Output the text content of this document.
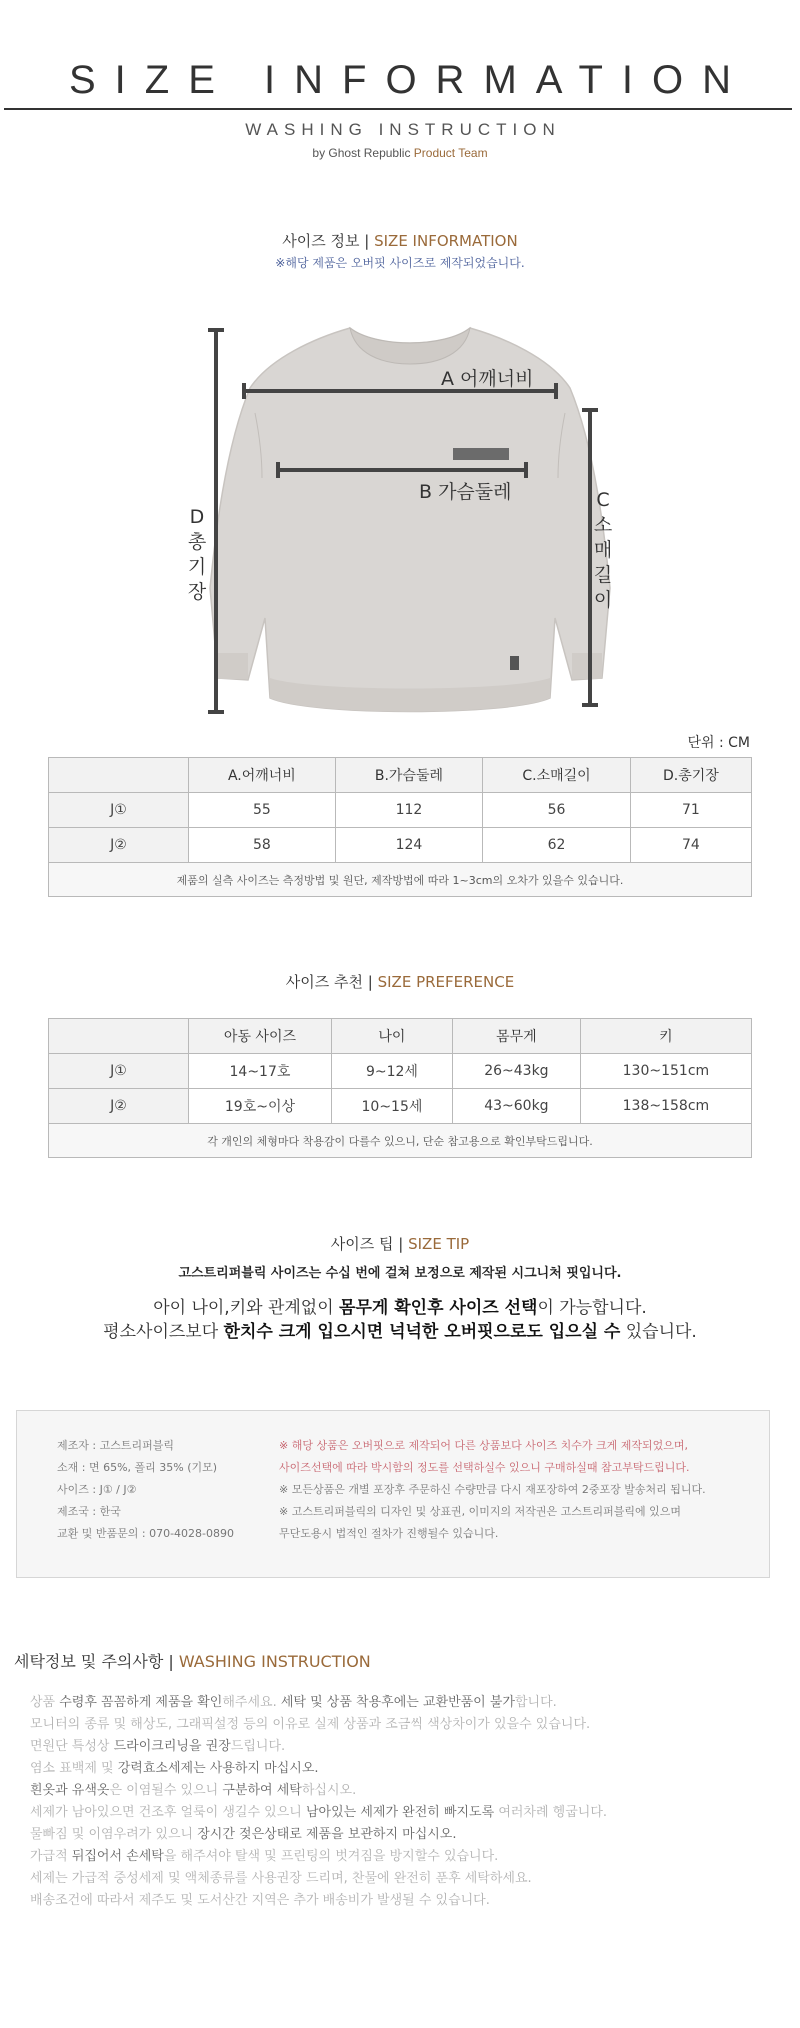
SIZE INFORMATION
WASHING INSTRUCTION
by Ghost Republic Product Team
사이즈 정보 | SIZE INFORMATION
※해당 제품은 오버핏 사이즈로 제작되었습니다.
A 어깨너비
B 가슴둘레
D
총
기
장
C
소
매
길
이
단위 : CM
	A.어깨너비	B.가슴둘레	C.소매길이	D.총기장
J①	55	112	56	71
J②	58	124	62	74
제품의 실측 사이즈는 측정방법 및 원단, 제작방법에 따라 1~3cm의 오차가 있을수 있습니다.				
사이즈 추천 | SIZE PREFERENCE
	아동 사이즈	나이	몸무게	키
J①	14~17호	9~12세	26~43kg	130~151cm
J②	19호~이상	10~15세	43~60kg	138~158cm
각 개인의 체형마다 착용감이 다를수 있으니, 단순 참고용으로 확인부탁드립니다.				
사이즈 팁 | SIZE TIP
고스트리퍼블릭 사이즈는 수십 번에 걸쳐 보정으로 제작된 시그니처 핏입니다.
아이 나이,키와 관계없이 몸무게 확인후 사이즈 선택이 가능합니다.
평소사이즈보다 한치수 크게 입으시면 넉넉한 오버핏으로도 입으실 수 있습니다.
제조자 : 고스트리퍼블릭
소재 : 면 65%, 폴리 35% (기모)
사이즈 : J① / J②
제조국 : 한국
교환 및 반품문의 : 070-4028-0890
※ 해당 상품은 오버핏으로 제작되어 다른 상품보다 사이즈 치수가 크게 제작되었으며,
사이즈선택에 따라 박시함의 정도를 선택하실수 있으니 구매하실때 참고부탁드립니다.
※ 모든상품은 개별 포장후 주문하신 수량만큼 다시 재포장하여 2중포장 발송처리 됩니다.
※ 고스트리퍼블릭의 디자인 및 상표권, 이미지의 저작권은 고스트리퍼블릭에 있으며
무단도용시 법적인 절차가 진행될수 있습니다.
세탁정보 및 주의사항 | WASHING INSTRUCTION
상품 수령후 꼼꼼하게 제품을 확인해주세요. 세탁 및 상품 착용후에는 교환반품이 불가합니다.
모니터의 종류 및 해상도, 그래픽설정 등의 이유로 실제 상품과 조금씩 색상차이가 있을수 있습니다.
면원단 특성상 드라이크리닝을 권장드립니다.
염소 표백제 및 강력효소세제는 사용하지 마십시오.
흰옷과 유색옷은 이염될수 있으니 구분하여 세탁하십시오.
세제가 남아있으면 건조후 얼룩이 생길수 있으니 남아있는 세제가 완전히 빠지도록 여러차례 헹굽니다.
물빠짐 및 이염우려가 있으니 장시간 젖은상태로 제품을 보관하지 마십시오.
가급적 뒤집어서 손세탁을 해주셔야 탈색 및 프린팅의 벗겨짐을 방지할수 있습니다.
세제는 가급적 중성세제 및 액체종류를 사용권장 드리며, 찬물에 완전히 푼후 세탁하세요.
배송조건에 따라서 제주도 및 도서산간 지역은 추가 배송비가 발생될 수 있습니다.
